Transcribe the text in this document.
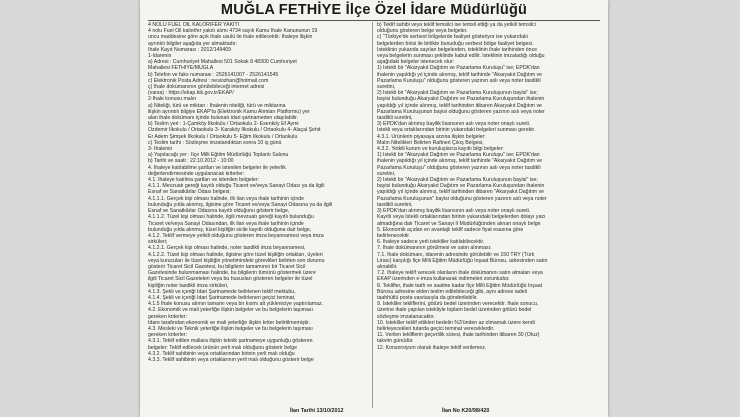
MUĞLA FETHİYE İlçe Özel İdare Müdürlüğü
4 NOLU FUEL OIL KALORİFER YAKITI
4 nolu Fuel Oil kalorifer yakıtı alımı 4734 sayılı Kamu İhale Kanununun 19
uncu maddesine göre açık ihale usulü ile ihale edilecektir. İhaleye ilişkin
ayrıntılı bilgiler aşağıda yer almaktadır:
İhale Kayıt Numarası : 2012/149409
1-İdarenin
a) Adresi : Cumhuriyet Mahallesi 501 Sokak 8 48300 Cumhuriyet
Mahallesi FETHİYE/MUĞLA
b) Telefon ve faks numarası : 2526141007 - 2526141545
c) Elektronik Posta Adresi : nesiozhan@hotmail.com
ç) İhale dokümanının görülebileceği internet adresi
(varsa) : https://ekap.kik.gov.tr/EKAP/
2-İhale konusu malın
a) Niteliği, türü ve miktarı : İhalenin niteliği, türü ve miktarına
ilişkin ayrıntılı bilgiye EKAP'ta (Elektronik Kamu Alımları Platformu) yer
alan ihale dokümanı içinde bulunan idari şartnameden ulaşılabilir.
b) Teslim yeri : 1-Çamköy İlkokulu / Ortaokulu 2- Esenköy Ef Aymi
Özdemir İlkokulu / Ortaokulu 3- Karaköy İlkokulu / Ortaokulu 4- Alaçal Şehit
Er Adem Şimşek İlkokulu / Ortaokulu 5- Eğim İlkokulu / Ortaokulu
c) Teslim tarihi : Sözleşme imzalandıktan sonra 10 iş günü
3- İhalenin
a) Yapılacağı yer : İlçe Milli Eğitim Müdürlüğü Toplantı Salonu
b) Tarihi ve saati : 22.10.2012 - 10:00
4. İhaleye katılabilme şartları ve istenilen belgeler ile yeterlik
değerlendirmesinde uygulanacak kriterler:
4.1. İhaleye katılma şartları ve istenilen belgeler:
4.1.1. Mevzuatı gereği kayıtlı olduğu Ticaret ve/veya Sanayi Odası ya da ilgili
Esnaf ve Sanatkârlar Odası belgesi;
4.1.1.1. Gerçek kişi olması halinde, ilk ilan veya ihale tarihinin içinde
bulunduğu yılda alınmış, ilgisine göre Ticaret ve/veya Sanayi Odasına ya da ilgili
Esnaf ve Sanatkârlar Odasına kayıtlı olduğunu gösterir belge,
4.1.1.2. Tüzel kişi olması halinde, ilgili mevzuatı gereği kayıtlı bulunduğu
Ticaret ve/veya Sanayi Odasından, ilk ilan veya ihale tarihinin içinde
bulunduğu yılda alınmış, tüzel kişiliğin sicile kayıtlı olduğuna dair belge,
4.1.2. Teklif vermeye yetkili olduğunu gösteren imza beyannamesi veya imza
sirküleri;
4.1.2.1. Gerçek kişi olması halinde, noter tasdikli imza beyannamesi,
4.1.2.2. Tüzel kişi olması halinde, ilgisine göre tüzel kişiliğin ortakları, üyeleri
veya kurucuları ile tüzel kişiliğin yönetimindeki görevlileri belirten son durumu
gösterir Ticaret Sicil Gazetesi, bu bilgilerin tamamının bir Ticaret Sicil
Gazetesinde bulunmaması halinde, bu bilgilerin tümünü göstermek üzere
ilgili Ticaret Sicil Gazeteleri veya bu hususları gösteren belgeler ile tüzel
kişiliğin noter tasdikli imza sirküleri,
4.1.3. Şekli ve içeriği İdari Şartnamede belirlenen teklif mektubu,
4.1.4. Şekli ve içeriği İdari Şartnamede belirlenen geçici teminat,
4.1.5 İhale konusu alımın tamamı veya bir kısmı alt yükleniciye yaptırılamaz.
4.2. Ekonomik ve mali yeterliğe ilişkin belgeler ve bu belgelerin taşıması
gereken kriterler:
İdare tarafından ekonomik ve mali yeterliğe ilişkin kriter belirtilmemiştir.
4.3. Mesleki ve Teknik yeterliğe ilişkin belgeler ve bu belgelerin taşıması
gereken kriterler:
4.3.1. Teklif edilen mallara ilişkin teknik şartnameye uygunluğu gösteren
belgeler: Teklif edilecek ürünün yerli malı olduğunu gösterir belge
4.3.2. Teklif sahibinin veya ortaklarından birinin yerli malı olduğu
4.3.3. Teklif sahibinin veya ortaklarının yerli malı olduğunu gösterir belge
b) Teklif sahibi veya teklif temsilci ise temsil ettiği ya da yetkili temsilci
olduğunu gösteren belge veya belgeler.
c) "Türkiye'de serbest bölgelerde faaliyet gösteriyor ise yukarıdaki
belgelerden birisi ile birlikte bunuduğu serbest bölge faaliyet belgesi.
İsteklinin yukarıda sayılan belgelerden, isteklinin ihale tarihinden önce
veya belgelerin sunması şeklinde kabul edilir. İsteklinin imzaladığı olduğu
aşağıdaki belgeler istenecek olur:
1) İstekli bir "Akaryakıt Dağıtım ve Pazarlama Kuruluşu" ise; EPDK'dan
ihalenin yapıldığı yıl içinde alınmış, teklif tarihinde "Akaryakıt Dağıtım ve
Pazarlama Kuruluşu" olduğunu gösteren yazının aslı veya noter tasdikli
suretini,
2) İstekli bir "Akaryakıt Dağıtım ve Pazarlama Kuruluşunun bayisi" ise;
bayisi bulunduğu Akaryakıt Dağıtım ve Pazarlama Kuruluşundan ihalenin
yapıldığı yıl içinde alınmış, teklif tarihinden itibaren Akaryakıt Dağıtım ve
Pazarlama Kuruluşunun bayisi olduğunu gösteren yazının aslı veya noter
tasdikli suretini,
3) EPDK'dan alınmış bayilik lisansının aslı veya noter onaylı sureti.
İstekli veya ortaklarından birinin yukarıdaki belgeleri sunması gerekir.
4.3.1. Ürünlerin piyasaya arzına ilişkin belgeler:
Malın Nitelikleri Belirten Rafineri Çıkış Belgesi,
4.3.2. Yetkili kurum ve kuruluşlarca kayıtlı bilgi belgeler:
1) İstekli bir "Akaryakıt Dağıtım ve Pazarlama Kuruluşu" ise; EPDK'dan
ihalenin yapıldığı yıl içinde alınmış, teklif tarihinde "Akaryakıt Dağıtım ve
Pazarlama Kuruluşu" olduğunu gösteren yazının aslı veya noter tasdikli
suretini,
2) İstekli bir "Akaryakıt Dağıtım ve Pazarlama Kuruluşunun bayisi" ise;
bayisi bulunduğu Akaryakıt Dağıtım ve Pazarlama Kuruluşundan ihalenin
yapıldığı yıl içinde alınmış, teklif tarihinden itibaren "Akaryakıt Dağıtım ve
Pazarlama Kuruluşunun" bayisi olduğunu gösteren yazının aslı veya noter
tasdikli suretini,
3) EPDK'dan alınmış bayilik lisansının aslı veya noter onaylı sureti.
Kayıtlı veya İstekli ortaklarından birinin yukarıdaki belgelerden dolayı yazı
almadığına dair Ticaret ve Sanayi İl Müdürlüğünden alınan onaylı belge
5. Ekonomik açıdan en avantajlı teklif sadece fiyat esasına göre
belirlenecektir.
6. İhaleye sadece yerli istekliler katılabilecektir.
7. İhale dokümanının görülmesi ve satın alınması:
7.1. İhale dokümanı, idarenin adresinde görülebilir ve 150 TRY (Türk
Lirası) karşılığı İlçe Milli Eğitim Müdürlüğü İnşaat Bürosu, adresinden satın
alınabilir.
7.2. İhaleye teklif verecek olanların ihale dokümanını satın almaları veya
EKAP üzerinden e-imza kullanarak indirmeleri zorunludur.
8. Teklifler, ihale tarih ve saatine kadar İlçe Milli Eğitim Müdürlüğü İnşaat
Bürosu adresine elden teslim edilebileceği gibi, aynı adrese iadeli
taahhütlü posta vasıtasıyla da gönderilebilir.
9. İstekliler tekliflerini, götürü bedel üzerinden verecektir. İhale sonucu,
üzerine ihale yapılan istekliyle toplam bedel üzerinden götürü bedel
sözleşme imzalanacaktır.
10. İstekliler teklif ettikleri bedelin %3'ünden az olmamak üzere kendi
belirleyecekleri tutarda geçici teminat vereceklerdir.
11. Verilen tekliflerin geçerlilik süresi, ihale tarihinden itibaren 30 (Otuz)
takvim günüdür.
12. Konsorsiyum olarak ihaleye teklif verilemez.
İlan Tarihi 13/10/2012	İlan No K20/98/420
